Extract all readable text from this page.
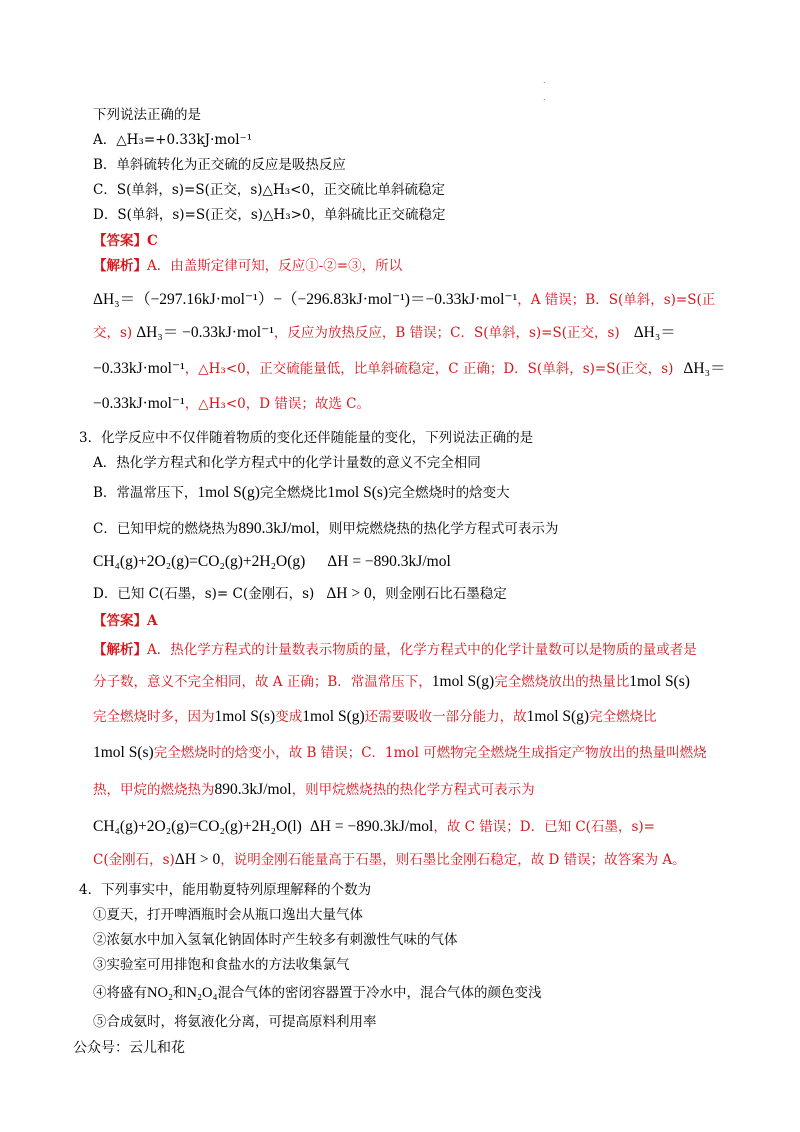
.
.
下列说法正确的是
A．△H₃=+0.33kJ·mol⁻¹
B．单斜硫转化为正交硫的反应是吸热反应
C．S(单斜，s)=S(正交，s)△H₃<0，正交硫比单斜硫稳定
D．S(单斜，s)=S(正交，s)△H₃>0，单斜硫比正交硫稳定
【答案】C
【解析】A．由盖斯定律可知，反应①-②=③，所以
ΔH₃＝（−297.16kJ·mol⁻¹）−（−296.83kJ·mol⁻¹)＝−0.33kJ·mol⁻¹，A 错误；B．S(单斜，s)=S(正
交，s) ΔH₃＝ −0.33kJ·mol⁻¹，反应为放热反应，B 错误；C．S(单斜，s)=S(正交，s) ΔH₃＝
−0.33kJ·mol⁻¹，△H₃<0，正交硫能量低，比单斜硫稳定，C 正确；D．S(单斜，s)=S(正交，s) ΔH₃＝
−0.33kJ·mol⁻¹，△H₃<0，D 错误；故选 C。
3．化学反应中不仅伴随着物质的变化还伴随能量的变化，下列说法正确的是
A．热化学方程式和化学方程式中的化学计量数的意义不完全相同
B．常温常压下，1mol S(g)完全燃烧比1mol S(s)完全燃烧时的焓变大
C．已知甲烷的燃烧热为890.3kJ/mol，则甲烷燃烧热的热化学方程式可表示为
CH₄(g)+2O₂(g)=CO₂(g)+2H₂O(g) ΔH = −890.3kJ/mol
D．已知 C(石墨，s)= C(金刚石，s) ΔH > 0，则金刚石比石墨稳定
【答案】A
【解析】A．热化学方程式的计量数表示物质的量，化学方程式中的化学计量数可以是物质的量或者是
分子数，意义不完全相同，故 A 正确；B．常温常压下，1mol S(g)完全燃烧放出的热量比1mol S(s)
完全燃烧时多，因为1mol S(s)变成1mol S(g)还需要吸收一部分能力，故1mol S(g)完全燃烧比
1mol S(s)完全燃烧时的焓变小，故 B 错误；C．1mol 可燃物完全燃烧生成指定产物放出的热量叫燃烧
热，甲烷的燃烧热为890.3kJ/mol，则甲烷燃烧热的热化学方程式可表示为
CH₄(g)+2O₂(g)=CO₂(g)+2H₂O(l) ΔH = −890.3kJ/mol，故 C 错误；D．已知 C(石墨，s)=
C(金刚石，s)ΔH > 0，说明金刚石能量高于石墨，则石墨比金刚石稳定，故 D 错误；故答案为 A。
4．下列事实中，能用勒夏特列原理解释的个数为
①夏天，打开啤酒瓶时会从瓶口逸出大量气体
②浓氨水中加入氢氧化钠固体时产生较多有刺激性气味的气体
③实验室可用排饱和食盐水的方法收集氯气
④将盛有NO₂和N₂O₄混合气体的密闭容器置于冷水中，混合气体的颜色变浅
⑤合成氨时，将氨液化分离，可提高原料利用率
公众号：云儿和花
